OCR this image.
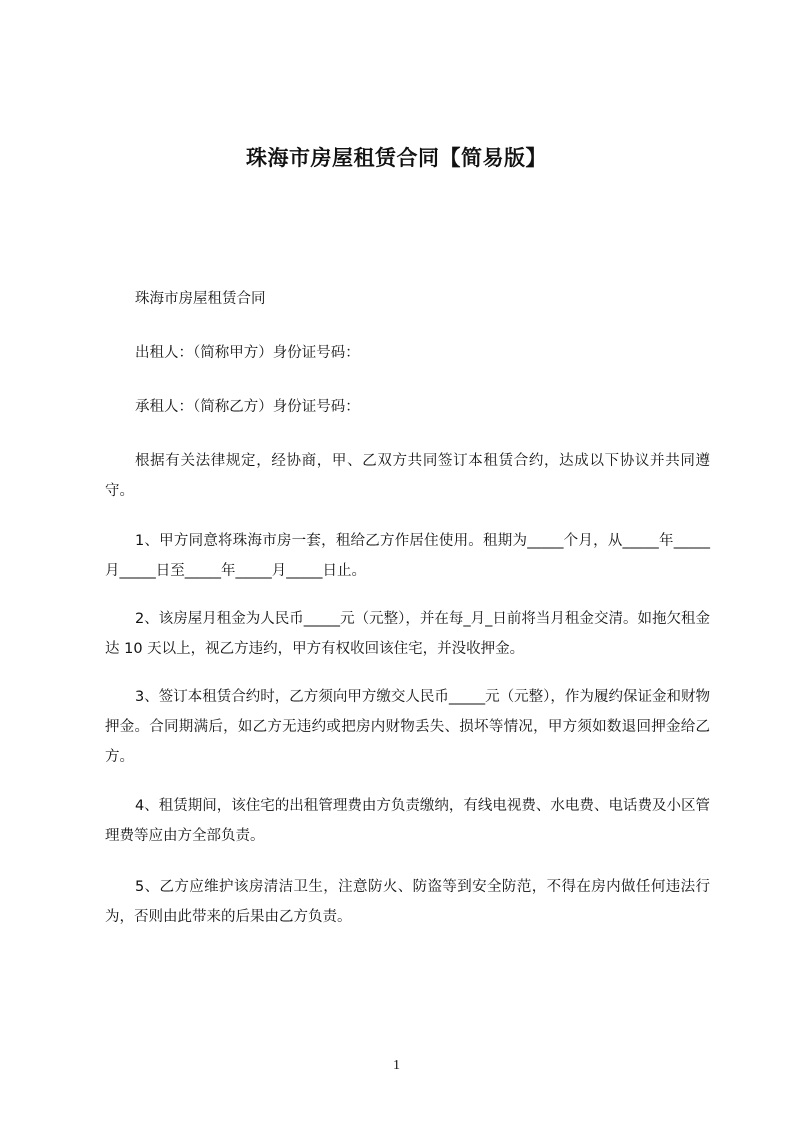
珠海市房屋租赁合同【简易版】

珠海市房屋租赁合同

出租人：（简称甲方）身份证号码：

承租人：（简称乙方）身份证号码：

根据有关法律规定，经协商，甲、乙双方共同签订本租赁合约，达成以下协议并共同遵守。

1、甲方同意将珠海市房一套，租给乙方作居住使用。租期为_____个月，从_____年_____月_____日至_____年_____月_____日止。

2、该房屋月租金为人民币_____元（元整），并在每_月_日前将当月租金交清。如拖欠租金达 10 天以上，视乙方违约，甲方有权收回该住宅，并没收押金。

3、签订本租赁合约时，乙方须向甲方缴交人民币_____元（元整），作为履约保证金和财物押金。合同期满后，如乙方无违约或把房内财物丢失、损坏等情况，甲方须如数退回押金给乙方。

4、租赁期间，该住宅的出租管理费由方负责缴纳，有线电视费、水电费、电话费及小区管理费等应由方全部负责。

5、乙方应维护该房清洁卫生，注意防火、防盗等到安全防范，不得在房内做任何违法行为，否则由此带来的后果由乙方负责。

1
